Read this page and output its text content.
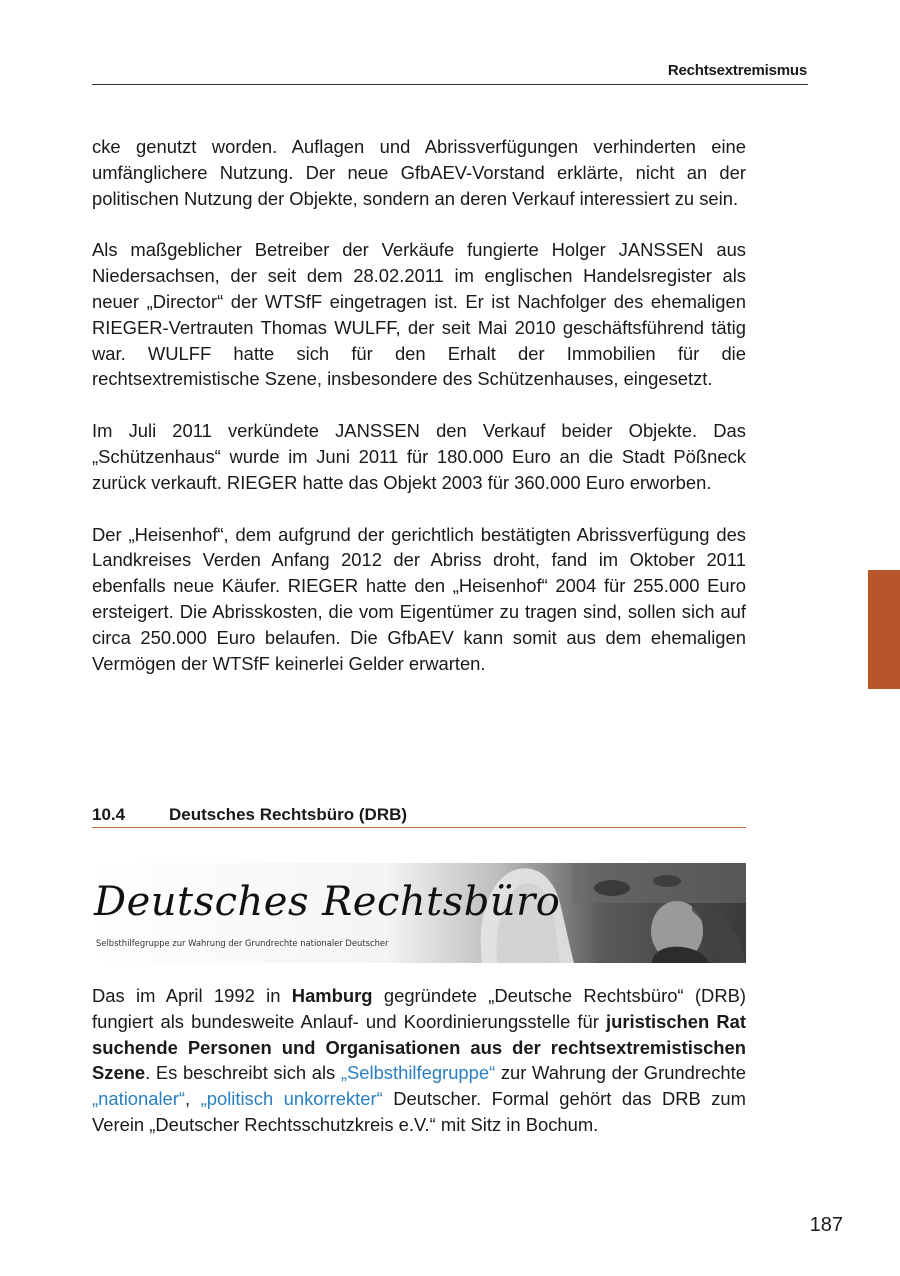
Rechtsextremismus

cke genutzt worden. Auflagen und Abrissverfügungen verhinderten eine umfänglichere Nutzung. Der neue GfbAEV-Vorstand erklärte, nicht an der politischen Nutzung der Objekte, sondern an deren Verkauf interessiert zu sein.

Als maßgeblicher Betreiber der Verkäufe fungierte Holger JANSSEN aus Niedersachsen, der seit dem 28.02.2011 im englischen Handelsregister als neuer „Director“ der WTSfF eingetragen ist. Er ist Nachfolger des ehemaligen RIEGER-Vertrauten Thomas WULFF, der seit Mai 2010 geschäftsführend tätig war. WULFF hatte sich für den Erhalt der Immobilien für die rechtsextremistische Szene, insbesondere des Schützenhauses, eingesetzt.

Im Juli 2011 verkündete JANSSEN den Verkauf beider Objekte. Das „Schützenhaus“ wurde im Juni 2011 für 180.000 Euro an die Stadt Pößneck zurück verkauft. RIEGER hatte das Objekt 2003 für 360.000 Euro erworben.

Der „Heisenhof“, dem aufgrund der gerichtlich bestätigten Abrissverfügung des Landkreises Verden Anfang 2012 der Abriss droht, fand im Oktober 2011 ebenfalls neue Käufer. RIEGER hatte den „Heisenhof“ 2004 für 255.000 Euro ersteigert. Die Abrisskosten, die vom Eigentümer zu tragen sind, sollen sich auf circa 250.000 Euro belaufen. Die GfbAEV kann somit aus dem ehemaligen Vermögen der WTSfF keinerlei Gelder erwarten.

10.4	Deutsches Rechtsbüro (DRB)
Deutsches Rechtsbüro
Selbsthilfegruppe zur Wahrung der Grundrechte nationaler Deutscher

Das im April 1992 in Hamburg gegründete „Deutsche Rechtsbüro“ (DRB) fungiert als bundesweite Anlauf- und Koordinierungsstelle für juristischen Rat suchende Personen und Organisationen aus der rechtsextremistischen Szene. Es beschreibt sich als „Selbsthilfegruppe“ zur Wahrung der Grundrechte „nationaler“, „politisch unkorrekter“ Deutscher. Formal gehört das DRB zum Verein „Deutscher Rechtsschutzkreis e.V.“ mit Sitz in Bochum.

187
